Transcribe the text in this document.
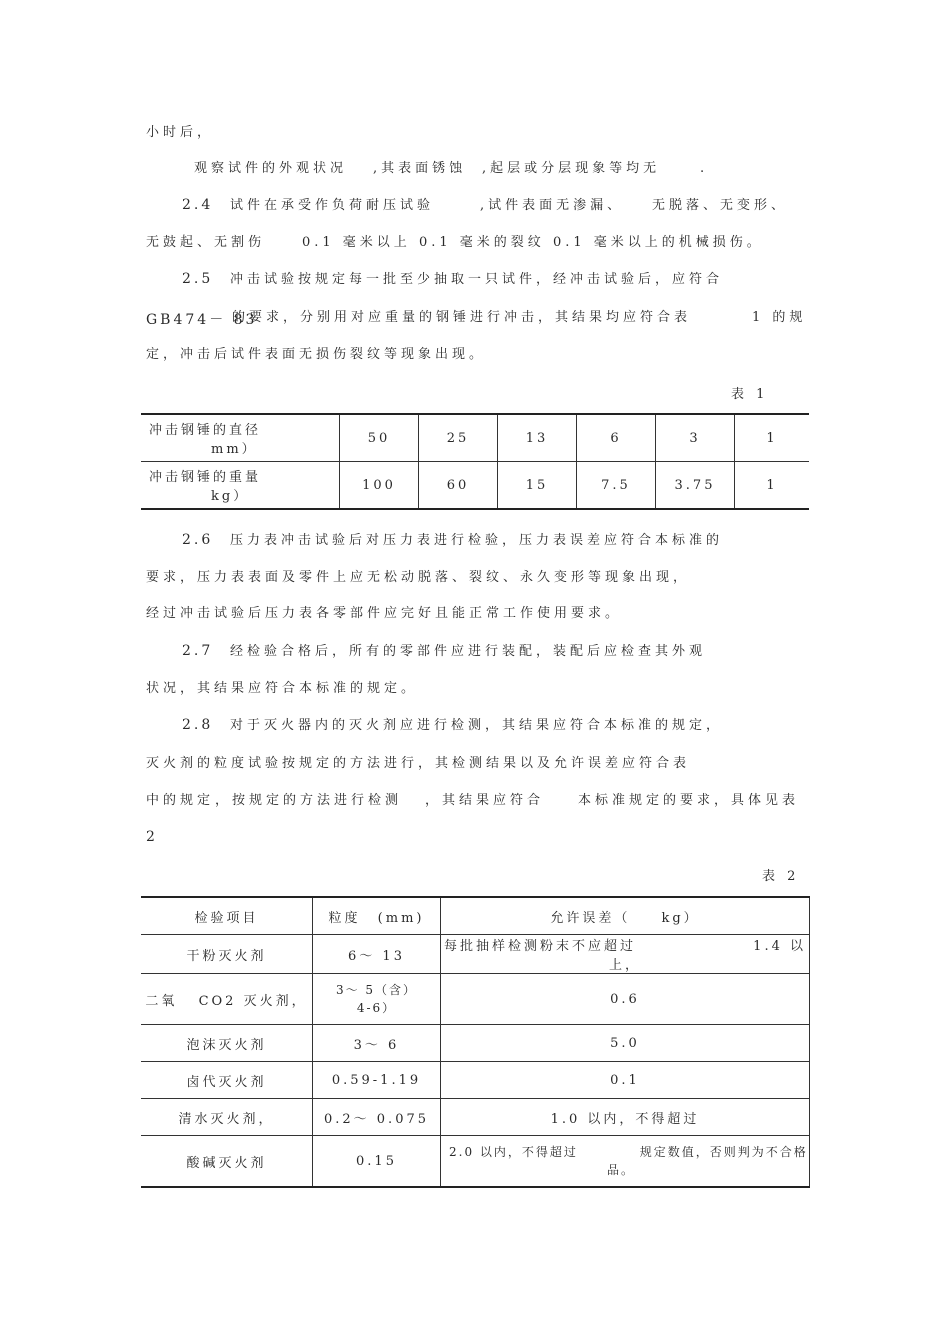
小时后，
观察试件的外观状况 ,其表面锈蚀 ,起层或分层现象等均无	.
2.4 试件在承受作负荷耐压试验	,试件表面无渗漏、 无脱落、无变形、
无鼓起、无割伤	0.1 毫米以上 0.1 毫米的裂纹 0.1 毫米以上的机械损伤。
2.5 冲击试验按规定每一批至少抽取一只试件，经冲击试验后，应符合
GB474－ 83
的要求，分别用对应重量的钢锤进行冲击，其结果均应符合表	1 的规
定，冲击后试件表面无损伤裂纹等现象出现。
表 1
冲击钢锤的直径 mm）	50	25	13	6	3	1
冲击钢锤的重量 kg）	100	60	15	7.5	3.75	1
2.6 压力表冲击试验后对压力表进行检验，压力表误差应符合本标准的
要求，压力表表面及零件上应无松动脱落、裂纹、永久变形等现象出现，
经过冲击试验后压力表各零部件应完好且能正常工作使用要求。
2.7 经检验合格后，所有的零部件应进行装配，装配后应检查其外观
状况，其结果应符合本标准的规定。
2.8 对于灭火器内的灭火剂应进行检测，其结果应符合本标准的规定，
灭火剂的粒度试验按规定的方法进行，其检测结果以及允许误差应符合表
中的规定 ，按规定的方法进行检测 ，其结果应符合	本标准规定的要求，具体见表
2
表 2
检验项目	粒度 (mm)	允许误差（ kg）
干粉灭火剂	6～ 13	每批抽样检测粉末不应超过 1.4 以上，
二氧 CO2 灭火剂，	3～ 5（含）
4-6）	0.6
泡沫灭火剂	3～ 6	5.0
卤代灭火剂	0.59-1.19	0.1
清水灭火剂，	0.2～ 0.075	1.0 以内，不得超过
酸碱灭火剂	0.15	2.0 以内，不得超过 规定数值，否则判为不合格
品。
